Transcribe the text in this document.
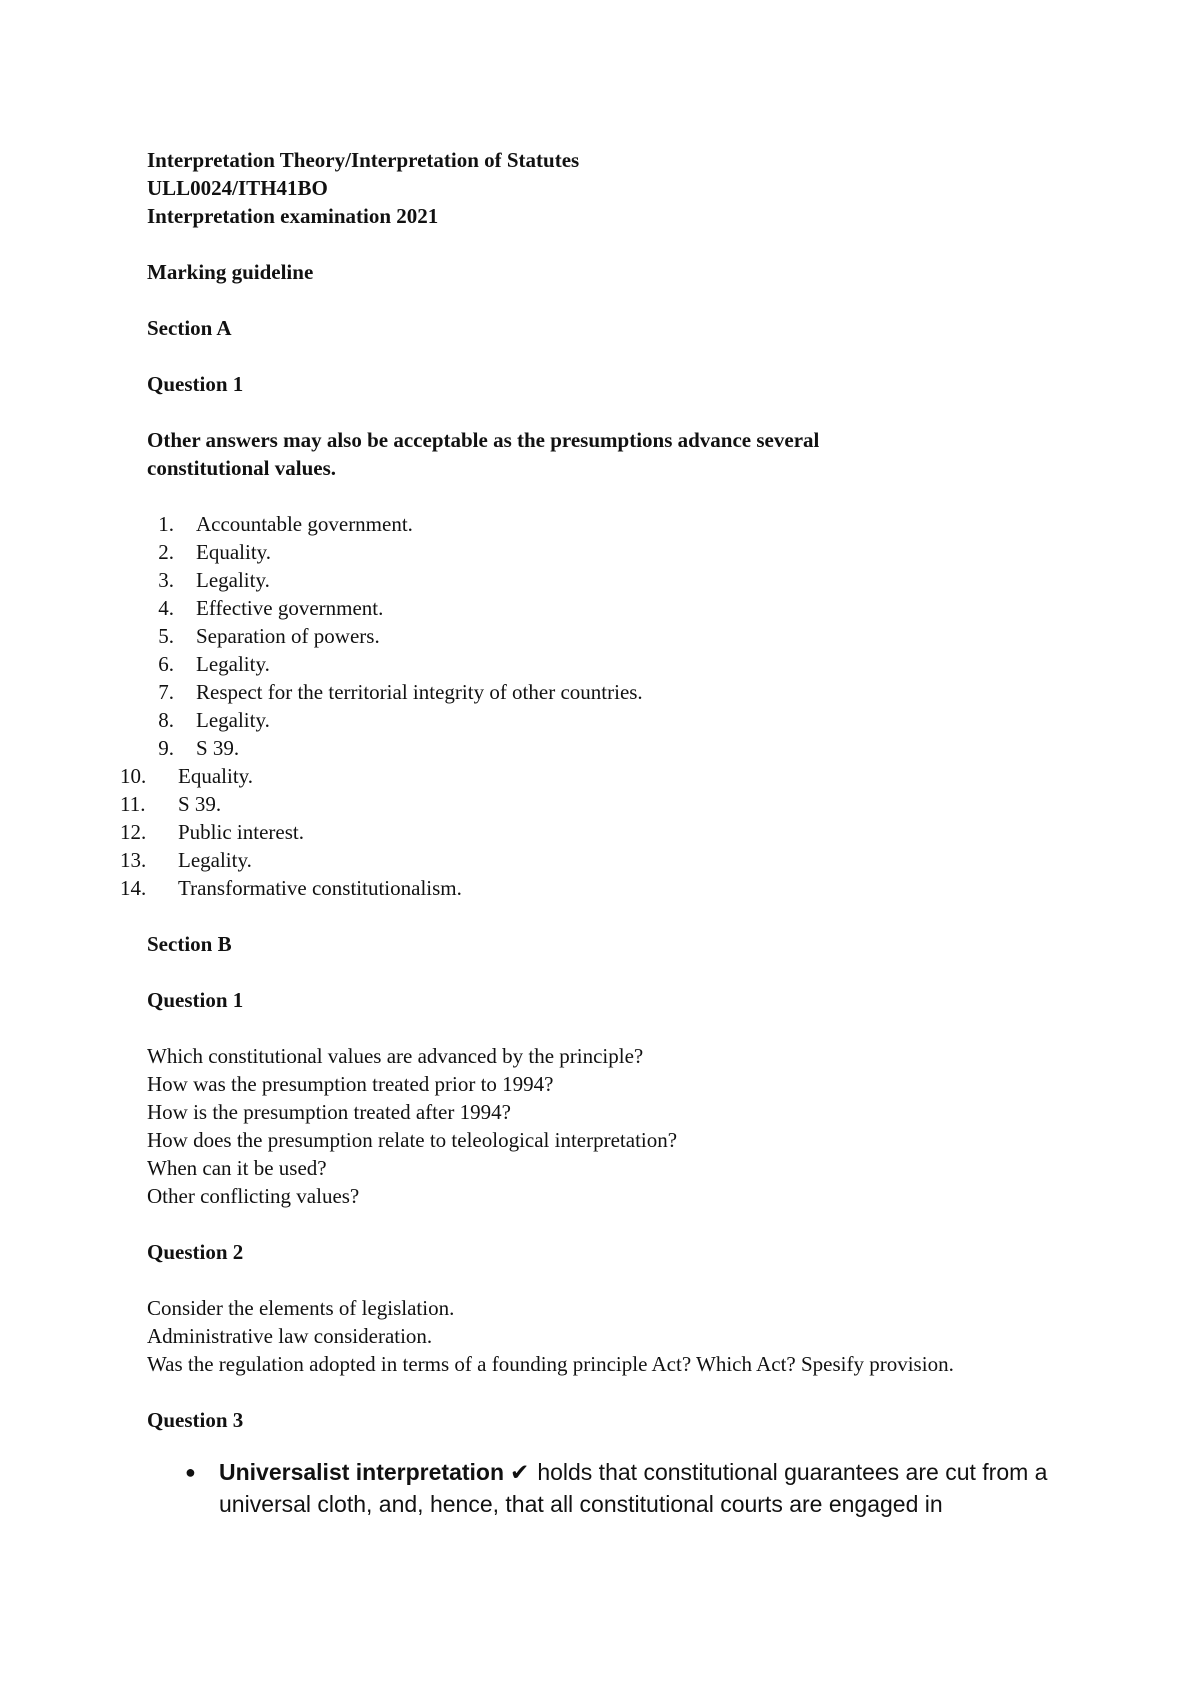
Interpretation Theory/Interpretation of Statutes
ULL0024/ITH41BO
Interpretation examination 2021
Marking guideline
Section A
Question 1
Other answers may also be acceptable as the presumptions advance several constitutional values.
1. Accountable government.
2. Equality.
3. Legality.
4. Effective government.
5. Separation of powers.
6. Legality.
7. Respect for the territorial integrity of other countries.
8. Legality.
9. S 39.
10.	Equality.
11.	S 39.
12.	Public interest.
13.	Legality.
14.	Transformative constitutionalism.
Section B
Question 1
Which constitutional values are advanced by the principle?
How was the presumption treated prior to 1994?
How is the presumption treated after 1994?
How does the presumption relate to teleological interpretation?
When can it be used?
Other conflicting values?
Question 2
Consider the elements of legislation.
Administrative law consideration.
Was the regulation adopted in terms of a founding principle Act? Which Act? Spesify provision.
Question 3
●	Universalist interpretation ✔ holds that constitutional guarantees are cut from a universal cloth, and, hence, that all constitutional courts are engaged in
